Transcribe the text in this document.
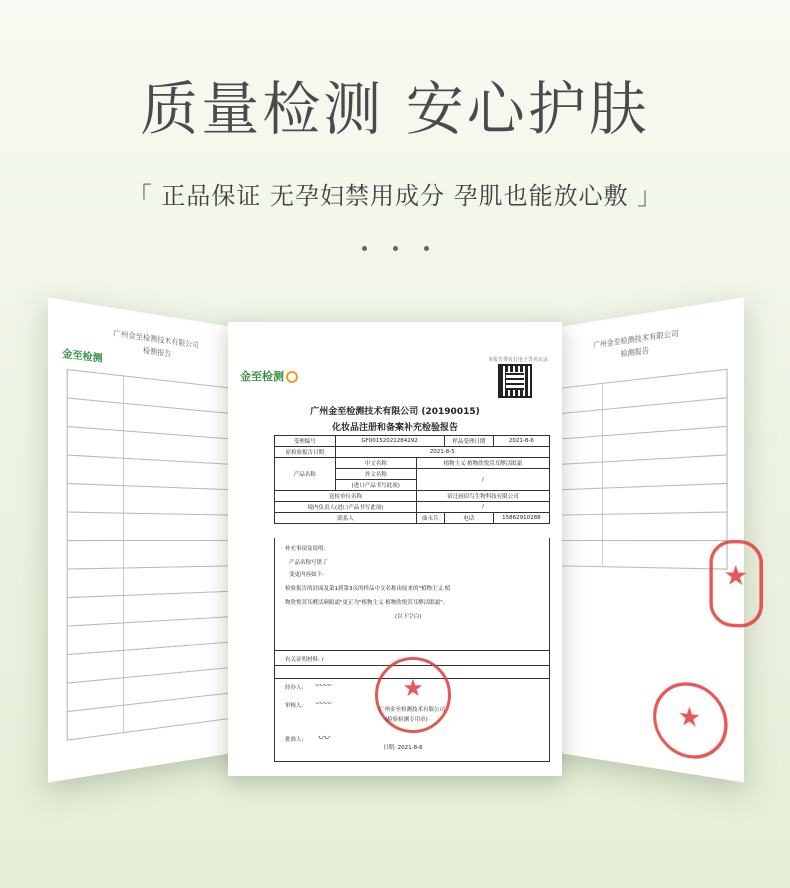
质量检测 安心护肤
「 正品保证 无孕妇禁用成分 孕肌也能放心敷 」
广州金至检测技术有限公司
检测报告
金至检测
广州金至检测技术有限公司
检测报告
★
★
金至检测
本报告带有打电子签名认证
广州金至检测技术有限公司 (20190015)
化妆品注册和备案补充检验报告
受理编号	GF00152021284292		样品受理日期	2021-8-6
原检验报告日期	2021-8-5			
产品名称	中文名称	植物主义 植物欣悦萱耳酵活眼霜		
	外文名称	/		
	(进口产品书写此项)			
送检单位名称		宿迁画眉鸟生物科技有限公司		
境内负责人(进口产品书写此项)		/		
联系人		曲永兵	电话	15862910288

补充事项及说明:

产品名称写错了

变更内容如下:

检验报告的封面及第1到第3页的样品中文名称由原来的"植物主义 植

物欣悦萱耳酵活颜眼霜"更正为"植物主义 植物欣悦萱耳酵活眼霜"。

(以下空白)

有关证明材料: /
经办人: 〰〰
审核人: 〰〰
批准人: 〰
★
广州金至检测技术有限公司
(检验检测专用章)
日期: 2021-8-6
